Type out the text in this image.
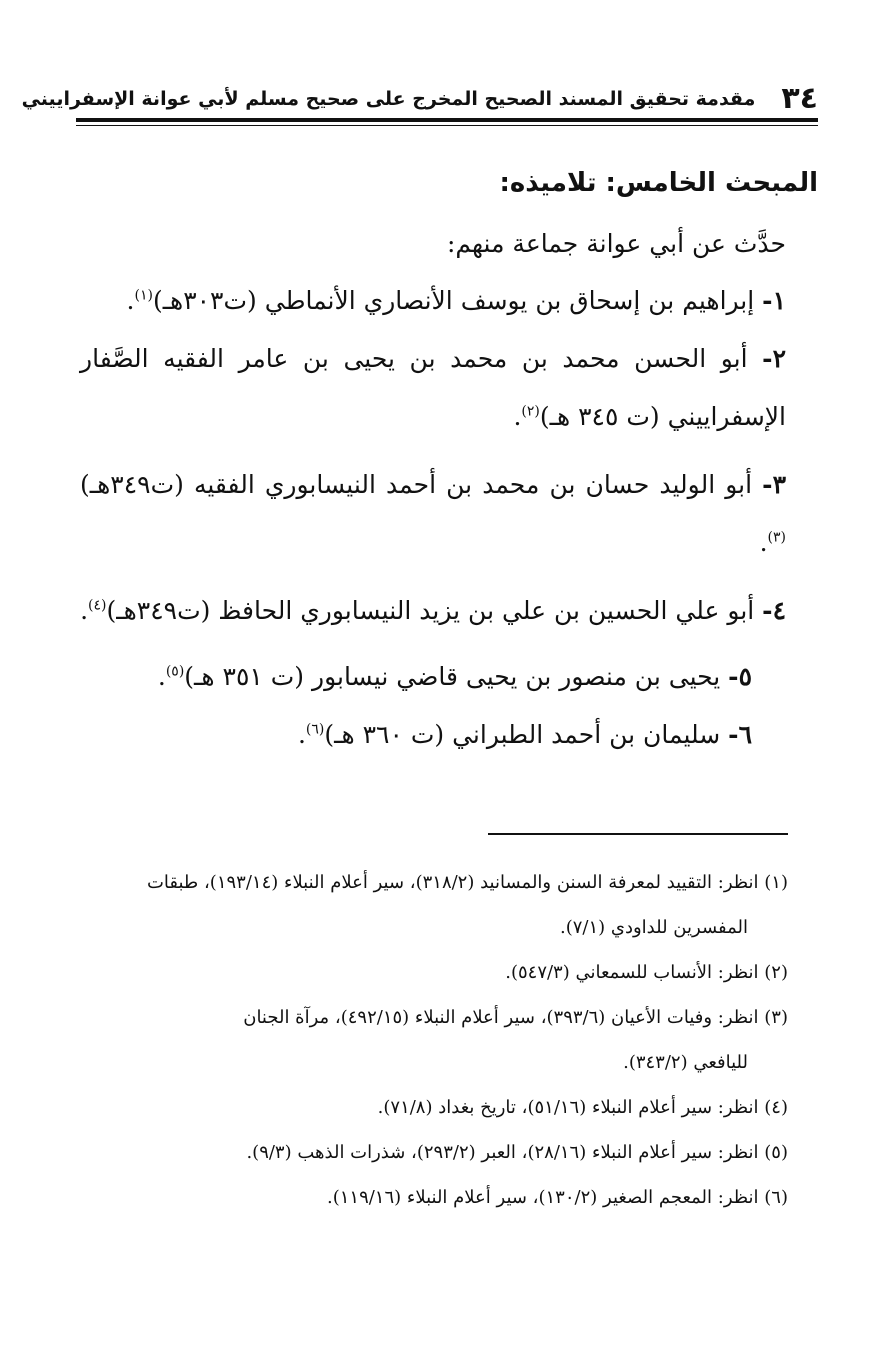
٣٤
مقدمة تحقيق المسند الصحيح المخرج على صحيح مسلم لأبي عوانة الإسفراييني
المبحث الخامس: تلاميذه:
حدَّث عن أبي عوانة جماعة منهم:
١- إبراهيم بن إسحاق بن يوسف الأنصاري الأنماطي (ت٣٠٣هـ)$^{(١)}$.
٢- أبو الحسن محمد بن محمد بن يحيى بن عامر الفقيه الصَّفار الإسفراييني (ت ٣٤٥ هـ)$^{(٢)}$.
٣- أبو الوليد حسان بن محمد بن أحمد النيسابوري الفقيه (ت٣٤٩هـ)$^{(٣)}$.
٤- أبو علي الحسين بن علي بن يزيد النيسابوري الحافظ (ت٣٤٩هـ)$^{(٤)}$.
٥- يحيى بن منصور بن يحيى قاضي نيسابور (ت ٣٥١ هـ)$^{(٥)}$.
٦- سليمان بن أحمد الطبراني (ت ٣٦٠ هـ)$^{(٦)}$.
(١) انظر: التقييد لمعرفة السنن والمسانيد (٣١٨/٢)، سير أعلام النبلاء (١٩٣/١٤)، طبقات
المفسرين للداودي (٧/١).
(٢) انظر: الأنساب للسمعاني (٥٤٧/٣).
(٣) انظر: وفيات الأعيان (٣٩٣/٦)، سير أعلام النبلاء (٤٩٢/١٥)، مرآة الجنان
لليافعي (٣٤٣/٢).
(٤) انظر: سير أعلام النبلاء (٥١/١٦)، تاريخ بغداد (٧١/٨).
(٥) انظر: سير أعلام النبلاء (٢٨/١٦)، العبر (٢٩٣/٢)، شذرات الذهب (٩/٣).
(٦) انظر: المعجم الصغير (١٣٠/٢)، سير أعلام النبلاء (١١٩/١٦).
